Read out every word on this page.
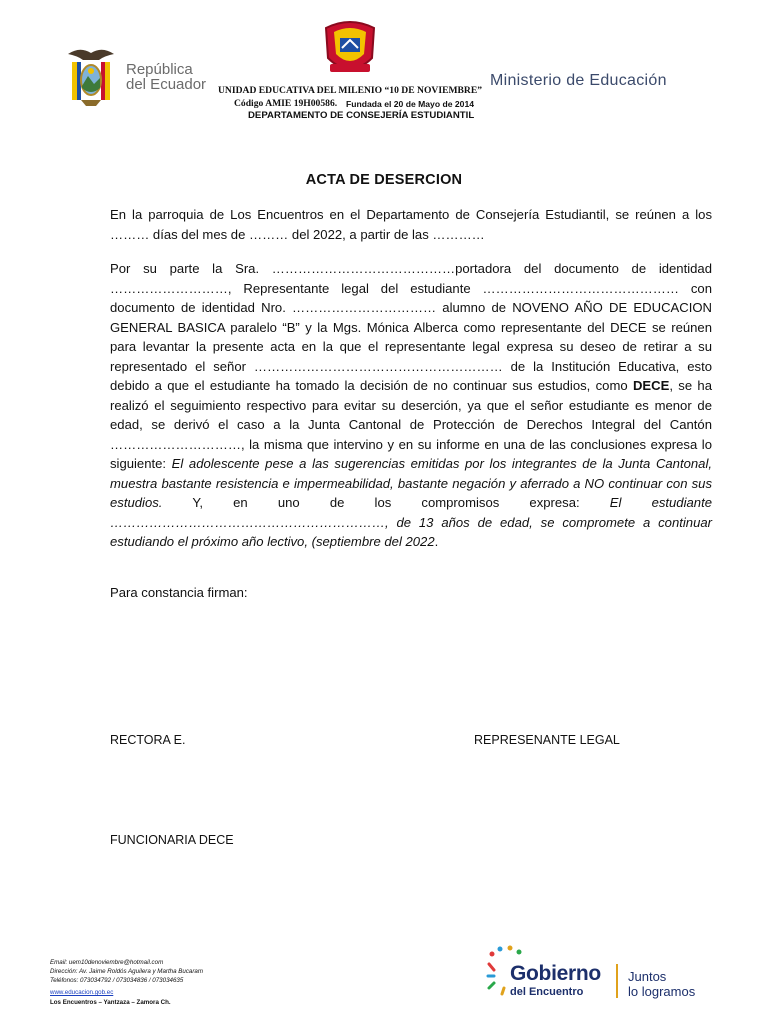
República
del Ecuador UNIDAD EDUCATIVA DEL MILENIO “10 DE NOVIEMBRE”
Código AMIE 19H00586. Fundada el 20 de Mayo de 2014
DEPARTAMENTO DE CONSEJERÍA ESTUDIANTIL
Ministerio de Educación
ACTA DE DESERCION
En la parroquia de Los Encuentros en el Departamento de Consejería Estudiantil, se reúnen a los ……… días del mes de ……… del 2022, a partir de las …………
Por su parte la Sra. ……………………………………portadora del documento de identidad ………………………, Representante legal del estudiante ……………………………………… con documento de identidad Nro. …………………………… alumno de NOVENO AÑO DE EDUCACION GENERAL BASICA paralelo “B” y la Mgs. Mónica Alberca como representante del DECE se reúnen para levantar la presente acta en la que el representante legal expresa su deseo de retirar a su representado el señor ………………………………………………… de la Institución Educativa, esto debido a que el estudiante ha tomado la decisión de no continuar sus estudios, como DECE, se ha realizó el seguimiento respectivo para evitar su deserción, ya que el señor estudiante es menor de edad, se derivó el caso a la Junta Cantonal de Protección de Derechos Integral del Cantón …………………………, la misma que intervino y en su informe en una de las conclusiones expresa lo siguiente: El adolescente pese a las sugerencias emitidas por los integrantes de la Junta Cantonal, muestra bastante resistencia e impermeabilidad, bastante negación y aferrado a NO continuar con sus estudios. Y, en uno de los compromisos expresa: El estudiante ………………………………………………………, de 13 años de edad, se compromete a continuar estudiando el próximo año lectivo, (septiembre del 2022.
Para constancia firman:
RECTORA E.	REPRESENANTE LEGAL
FUNCIONARIA DECE
Email: uem10denoviembre@hotmail.com
Dirección: Av. Jaime Roldós Aguilera y Martha Bucaram
Teléfonos: 073034792 / 073034836 / 073034635
www.educacion.gob.ec
Los Encuentros – Yantzaza – Zamora Ch.
Gobierno
del Encuentro
Juntos
lo logramos
